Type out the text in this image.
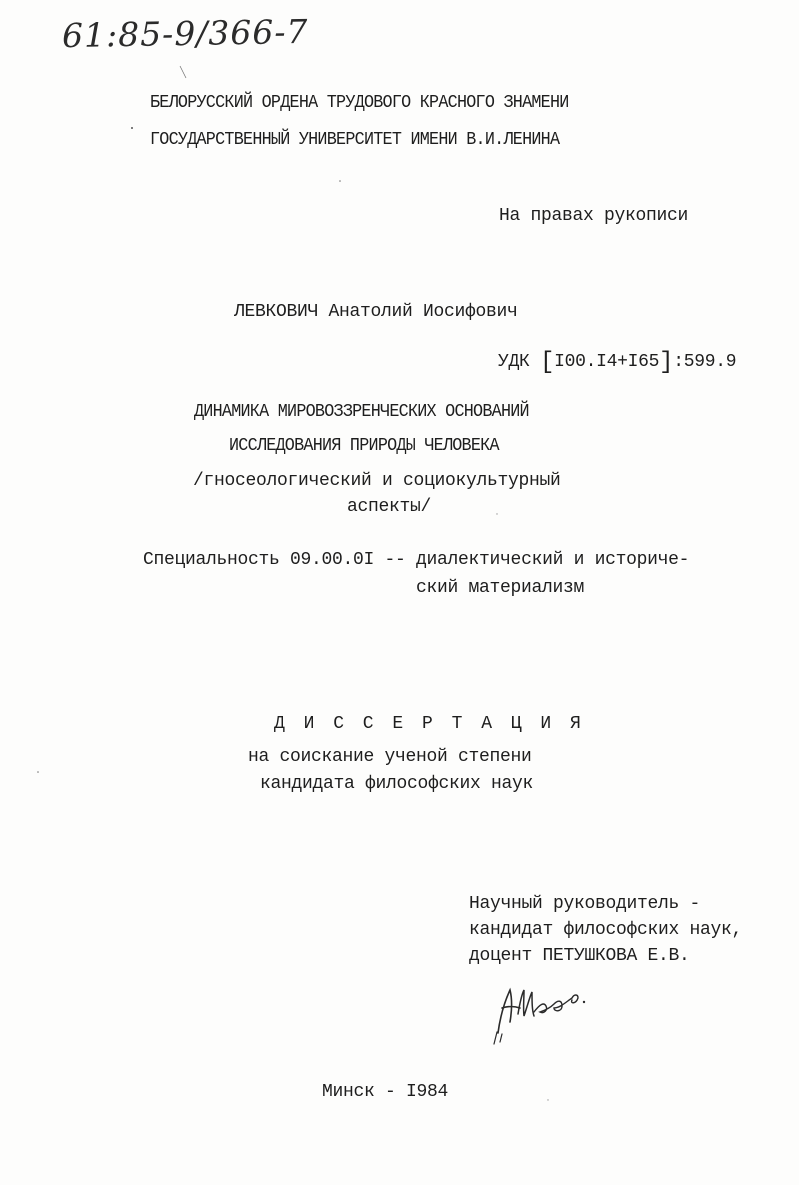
61:85-9/366-7
БЕЛОРУССКИЙ ОРДЕНА ТРУДОВОГО КРАСНОГО ЗНАМЕНИ
ГОСУДАРСТВЕННЫЙ УНИВЕРСИТЕТ ИМЕНИ В.И.ЛЕНИНА
На правах рукописи
ЛЕВКОВИЧ Анатолий Иосифович
УДК [I00.I4+I65]:599.9
ДИНАМИКА МИРОВОЗЗРЕНЧЕСКИХ ОСНОВАНИЙ
ИССЛЕДОВАНИЯ ПРИРОДЫ ЧЕЛОВЕКА
/гносеологический и социокультурный
аспекты/
Специальность 09.00.0I -- диалектический и историче-
ский материализм
Д И С С Е Р Т А Ц И Я
на соискание ученой степени
кандидата философских наук
Научный руководитель -
кандидат философских наук,
доцент ПЕТУШКОВА Е.В.
Минск - I984
